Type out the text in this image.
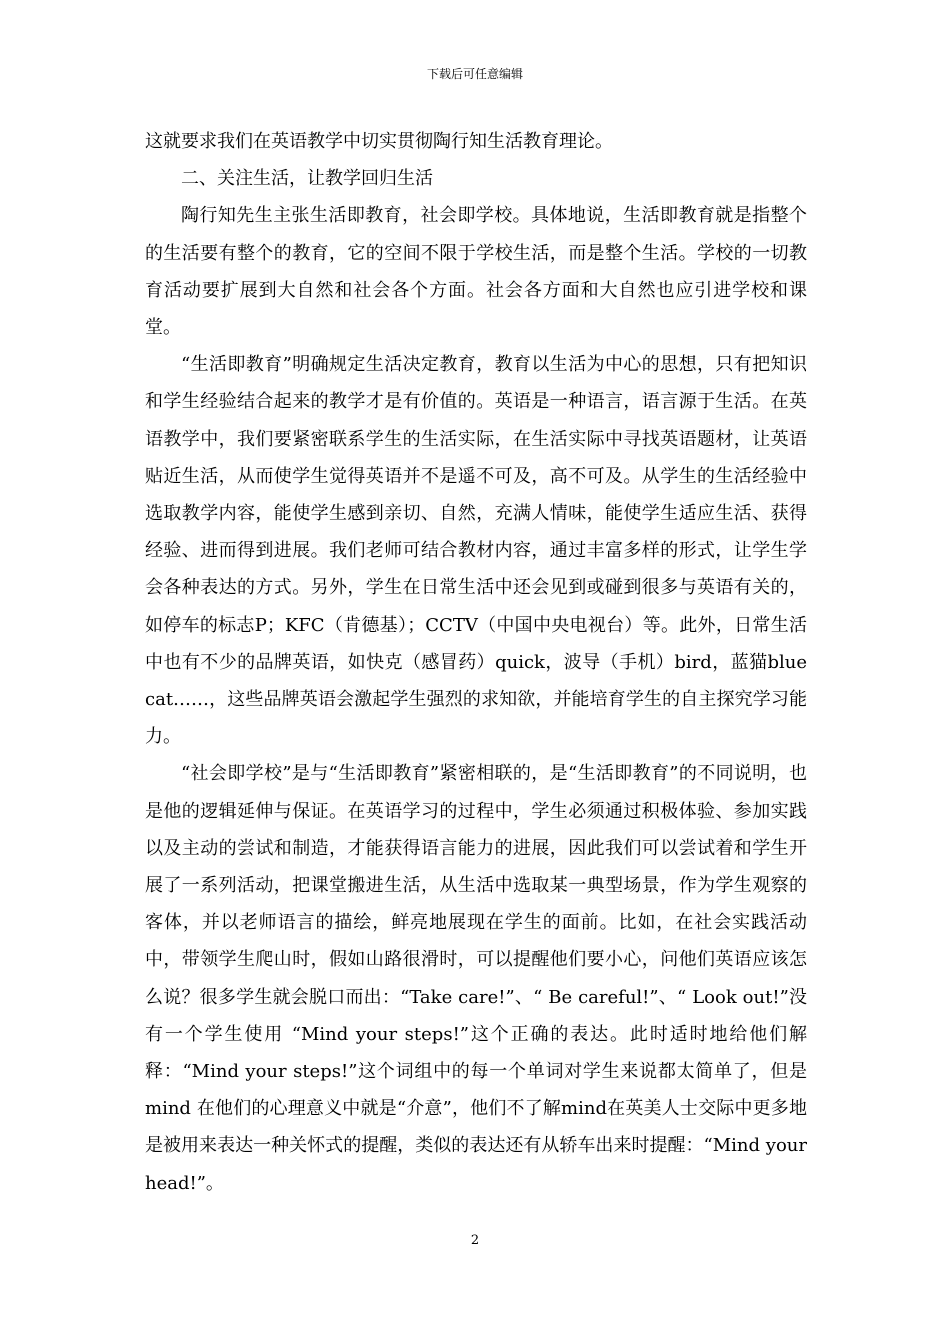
下载后可任意编辑

这就要求我们在英语教学中切实贯彻陶行知生活教育理论。

二、关注生活，让教学回归生活

陶行知先生主张生活即教育，社会即学校。具体地说，生活即教育就是指整个的生活要有整个的教育，它的空间不限于学校生活，而是整个生活。学校的一切教育活动要扩展到大自然和社会各个方面。社会各方面和大自然也应引进学校和课堂。

“生活即教育”明确规定生活决定教育，教育以生活为中心的思想，只有把知识和学生经验结合起来的教学才是有价值的。英语是一种语言，语言源于生活。在英语教学中，我们要紧密联系学生的生活实际，在生活实际中寻找英语题材，让英语贴近生活，从而使学生觉得英语并不是遥不可及，高不可及。从学生的生活经验中选取教学内容，能使学生感到亲切、自然，充满人情味，能使学生适应生活、获得经验、进而得到进展。我们老师可结合教材内容，通过丰富多样的形式，让学生学会各种表达的方式。另外，学生在日常生活中还会见到或碰到很多与英语有关的，如停车的标志P；KFC（肯德基）；CCTV（中国中央电视台）等。此外，日常生活中也有不少的品牌英语，如快克（感冒药）quick，波导（手机）bird，蓝猫blue cat……，这些品牌英语会激起学生强烈的求知欲，并能培育学生的自主探究学习能力。

“社会即学校”是与“生活即教育”紧密相联的，是“生活即教育”的不同说明，也是他的逻辑延伸与保证。在英语学习的过程中，学生必须通过积极体验、参加实践以及主动的尝试和制造，才能获得语言能力的进展，因此我们可以尝试着和学生开展了一系列活动，把课堂搬进生活，从生活中选取某一典型场景，作为学生观察的客体，并以老师语言的描绘，鲜亮地展现在学生的面前。比如，在社会实践活动中，带领学生爬山时，假如山路很滑时，可以提醒他们要小心，问他们英语应该怎么说？很多学生就会脱口而出：“Take care!”、“ Be careful!”、“ Look out!”没有一个学生使用 “Mind your steps!”这个正确的表达。此时适时地给他们解释：“Mind your steps!”这个词组中的每一个单词对学生来说都太简单了，但是mind 在他们的心理意义中就是“介意”，他们不了解mind在英美人士交际中更多地是被用来表达一种关怀式的提醒，类似的表达还有从轿车出来时提醒：“Mind your head!”。

2
